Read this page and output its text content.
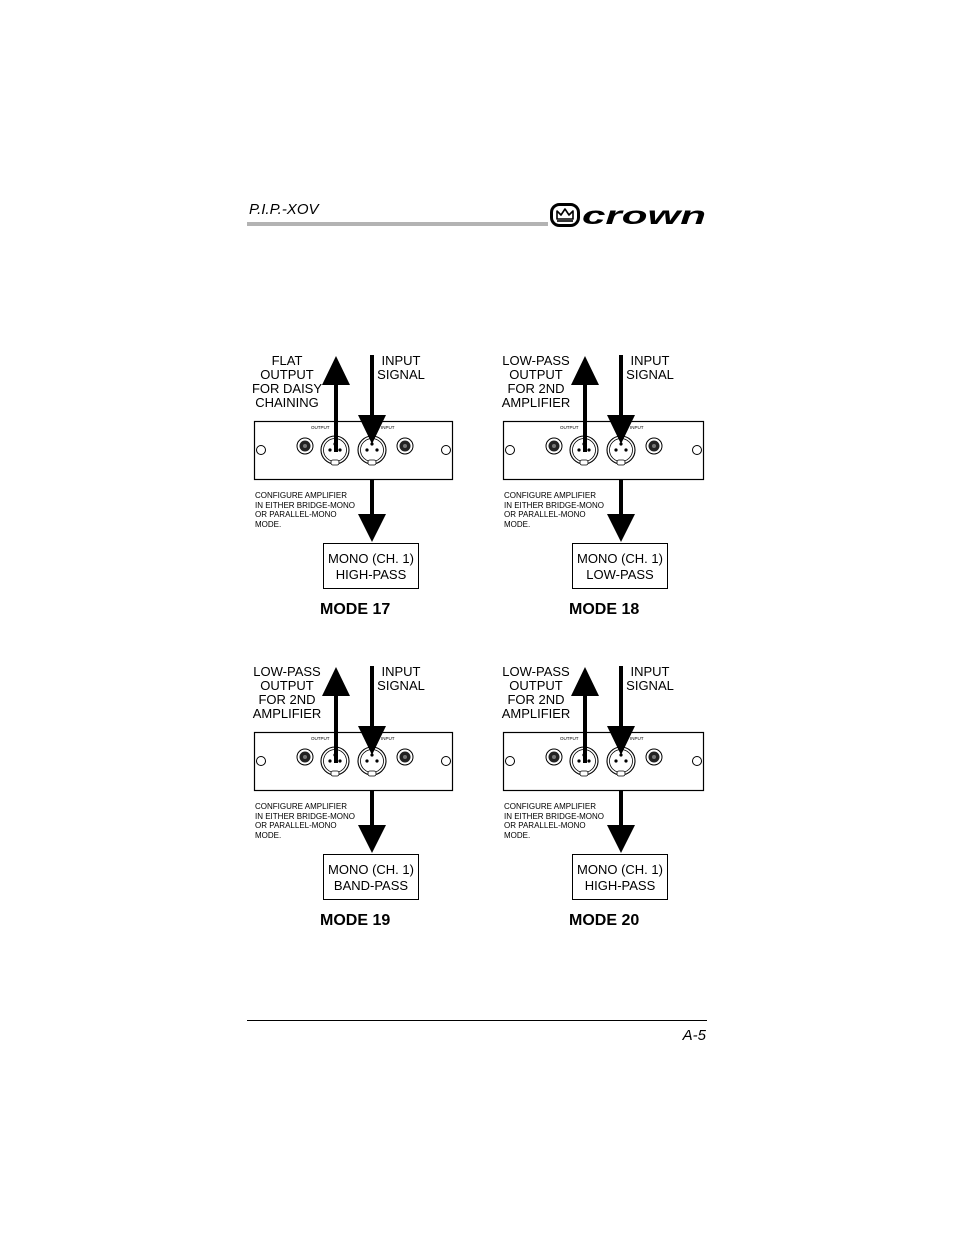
P.I.P.-XOV	crown
FLAT
OUTPUT
FOR DAISY
CHAINING
INPUT
SIGNAL
OUTPUT	INPUT
CONFIGURE AMPLIFIER
IN EITHER BRIDGE-MONO
OR PARALLEL-MONO
MODE.
MONO (CH. 1)
HIGH-PASS
MODE 17
LOW-PASS
OUTPUT
FOR 2ND
AMPLIFIER
INPUT
SIGNAL
OUTPUT	INPUT
CONFIGURE AMPLIFIER
IN EITHER BRIDGE-MONO
OR PARALLEL-MONO
MODE.
MONO (CH. 1)
LOW-PASS
MODE 18
LOW-PASS
OUTPUT
FOR 2ND
AMPLIFIER
INPUT
SIGNAL
OUTPUT	INPUT
CONFIGURE AMPLIFIER
IN EITHER BRIDGE-MONO
OR PARALLEL-MONO
MODE.
MONO (CH. 1)
BAND-PASS
MODE 19
LOW-PASS
OUTPUT
FOR 2ND
AMPLIFIER
INPUT
SIGNAL
OUTPUT	INPUT
CONFIGURE AMPLIFIER
IN EITHER BRIDGE-MONO
OR PARALLEL-MONO
MODE.
MONO (CH. 1)
HIGH-PASS
MODE 20
A-5
